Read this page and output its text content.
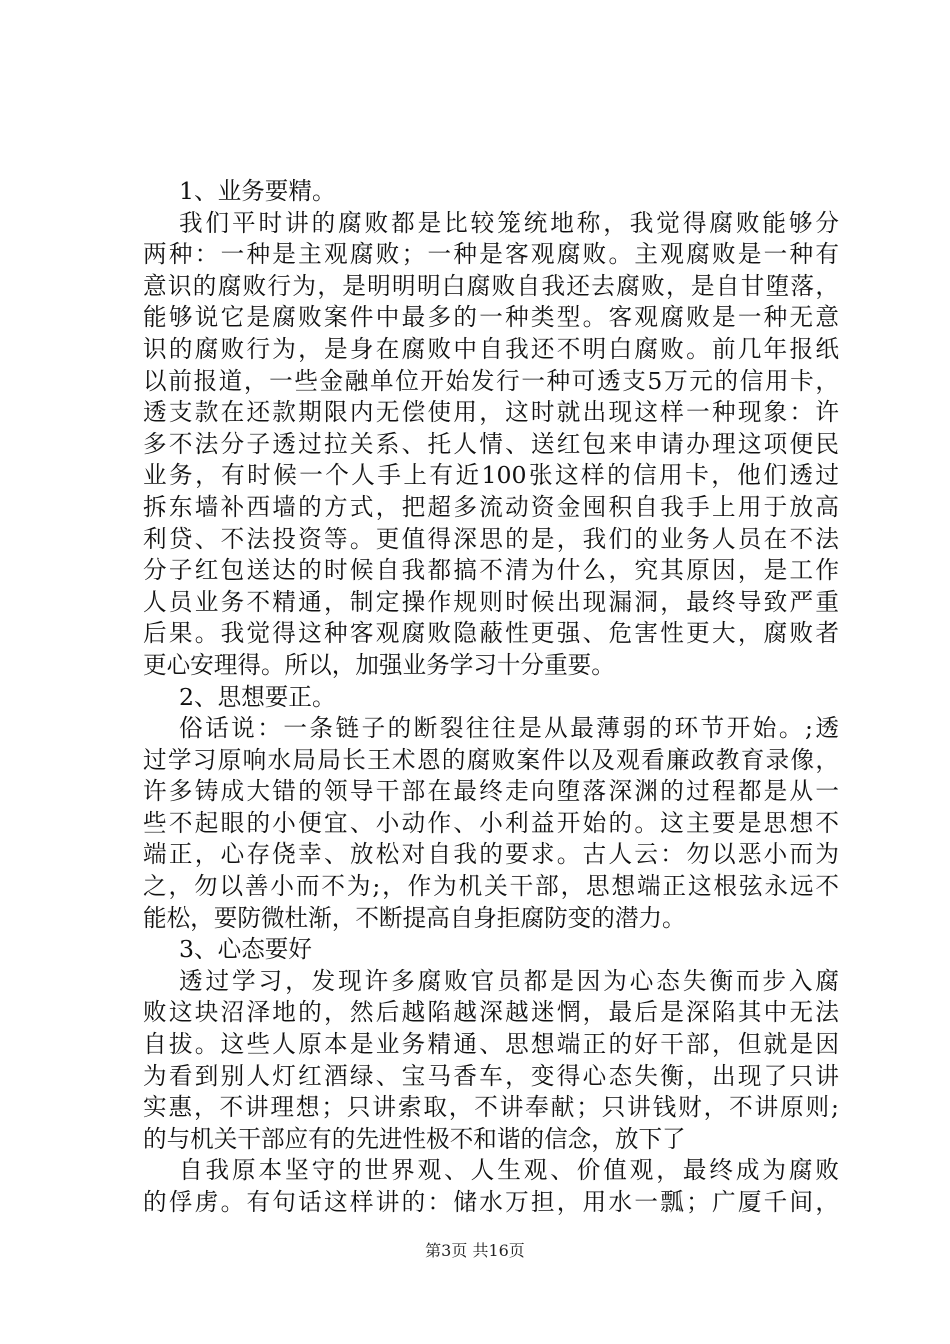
1、业务要精。
我们平时讲的腐败都是比较笼统地称，我觉得腐败能够分
两种：一种是主观腐败；一种是客观腐败。主观腐败是一种有
意识的腐败行为，是明明明白腐败自我还去腐败，是自甘堕落，
能够说它是腐败案件中最多的一种类型。客观腐败是一种无意
识的腐败行为，是身在腐败中自我还不明白腐败。前几年报纸
以前报道，一些金融单位开始发行一种可透支5万元的信用卡，
透支款在还款期限内无偿使用，这时就出现这样一种现象：许
多不法分子透过拉关系、托人情、送红包来申请办理这项便民
业务，有时候一个人手上有近100张这样的信用卡，他们透过
拆东墙补西墙的方式，把超多流动资金囤积自我手上用于放高
利贷、不法投资等。更值得深思的是，我们的业务人员在不法
分子红包送达的时候自我都搞不清为什么，究其原因，是工作
人员业务不精通，制定操作规则时候出现漏洞，最终导致严重
后果。我觉得这种客观腐败隐蔽性更强、危害性更大，腐败者
更心安理得。所以，加强业务学习十分重要。
2、思想要正。
俗话说：一条链子的断裂往往是从最薄弱的环节开始。;透
过学习原响水局局长王术恩的腐败案件以及观看廉政教育录像，
许多铸成大错的领导干部在最终走向堕落深渊的过程都是从一
些不起眼的小便宜、小动作、小利益开始的。这主要是思想不
端正，心存侥幸、放松对自我的要求。古人云：勿以恶小而为
之，勿以善小而不为;，作为机关干部，思想端正这根弦永远不
能松，要防微杜渐，不断提高自身拒腐防变的潜力。
3、心态要好
透过学习，发现许多腐败官员都是因为心态失衡而步入腐
败这块沼泽地的，然后越陷越深越迷惘，最后是深陷其中无法
自拔。这些人原本是业务精通、思想端正的好干部，但就是因
为看到别人灯红酒绿、宝马香车，变得心态失衡，出现了只讲
实惠，不讲理想；只讲索取，不讲奉献；只讲钱财，不讲原则;
的与机关干部应有的先进性极不和谐的信念，放下了
自我原本坚守的世界观、人生观、价值观，最终成为腐败
的俘虏。有句话这样讲的：储水万担，用水一瓢；广厦千间，
第3页 共16页
